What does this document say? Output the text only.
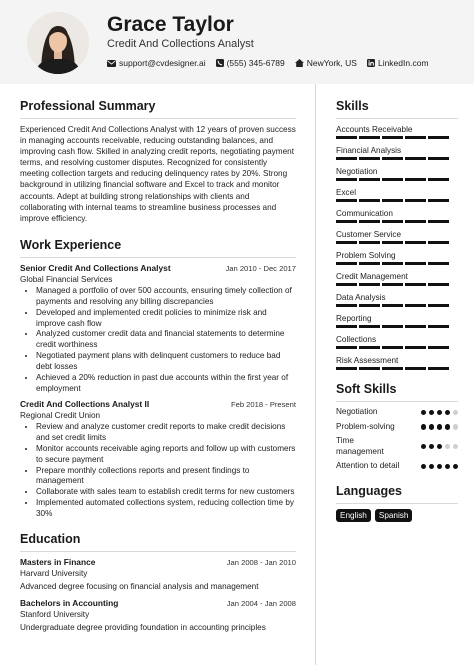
Grace Taylor
Credit And Collections Analyst
support@cvdesigner.ai (555) 345-6789	NewYork, US LinkedIn.com
Professional Summary

Experienced Credit And Collections Analyst with 12 years of proven success in managing accounts receivable, reducing outstanding balances, and improving cash flow. Skilled in analyzing credit reports, negotiating payment terms, and resolving customer disputes. Recognized for consistently meeting collection targets and reducing delinquency rates by 20%. Strong background in utilizing financial software and Excel to track and monitor accounts. Adept at building strong relationships with clients and collaborating with internal teams to streamline business processes and improve efficiency.

Work Experience
Senior Credit And Collections Analyst	Jan 2010 - Dec 2017
Global Financial Services
• Managed a portfolio of over 500 accounts, ensuring timely collection of payments and resolving any billing discrepancies
• Developed and implemented credit policies to minimize risk and improve cash flow
• Analyzed customer credit data and financial statements to determine credit worthiness
• Negotiated payment plans with delinquent customers to reduce bad debt losses
• Achieved a 20% reduction in past due accounts within the first year of employment
Credit And Collections Analyst II	Feb 2018 - Present
Regional Credit Union
• Review and analyze customer credit reports to make credit decisions and set credit limits
• Monitor accounts receivable aging reports and follow up with customers to secure payment
• Prepare monthly collections reports and present findings to management
• Collaborate with sales team to establish credit terms for new customers
• Implemented automated collections system, reducing collection time by 30%
Education
Masters in Finance	Jan 2008 - Jan 2010
Harvard University
Advanced degree focusing on financial analysis and management
Bachelors in Accounting	Jan 2004 - Jan 2008
Stanford University
Undergraduate degree providing foundation in accounting principles
Skills
Accounts Receivable
Financial Analysis
Negotiation
Excel
Communication
Customer Service
Problem Solving
Credit Management
Data Analysis
Reporting
Collections
Risk Assessment
Soft Skills
Negotiation
Problem-solving
Time management
Attention to detail
Languages
English	Spanish
